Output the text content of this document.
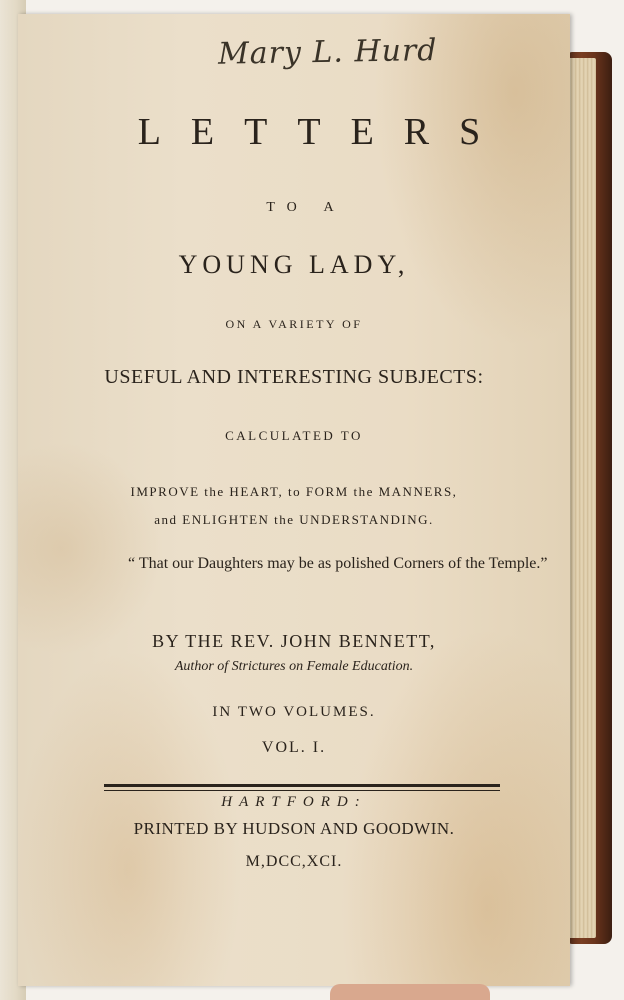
Mary L. Hurd
LETTERS
TO A
YOUNG LADY,
ON A VARIETY OF
USEFUL AND INTERESTING SUBJECTS:
CALCULATED TO
IMPROVE the HEART, to FORM the MANNERS,
and ENLIGHTEN the UNDERSTANDING.
“ That our Daughters may be as polished Corners of the Temple.”
BY THE REV. JOHN BENNETT,
Author of Strictures on Female Education.
IN TWO VOLUMES.
VOL. I.
HARTFORD:
PRINTED BY HUDSON AND GOODWIN.
M,DCC,XCI.
